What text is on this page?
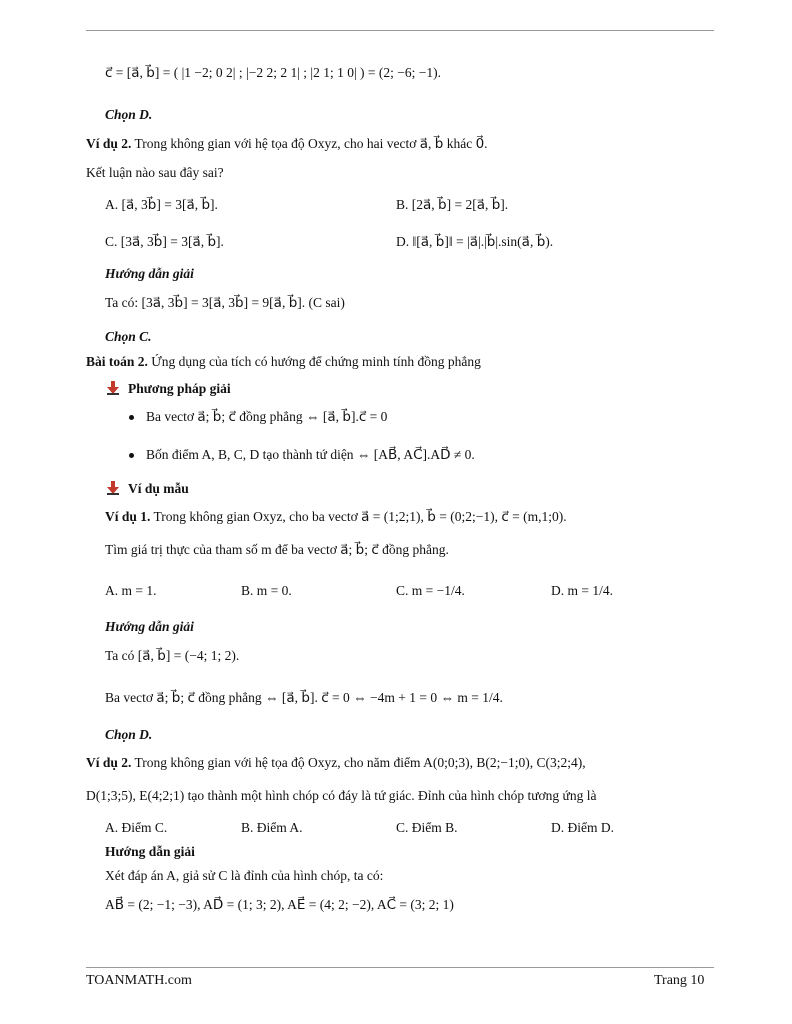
c⃗ = [a⃗, b⃗] = ( |1 −2; 0 2| ; |−2 2; 2 1| ; |2 1; 1 0| ) = (2; −6; −1).
Chọn D.
Ví dụ 2. Trong không gian với hệ tọa độ Oxyz, cho hai vectơ a⃗, b⃗ khác 0⃗.
Kết luận nào sau đây sai?
A. [a⃗, 3b⃗] = 3[a⃗, b⃗].	B. [2a⃗, b⃗] = 2[a⃗, b⃗].
C. [3a⃗, 3b⃗] = 3[a⃗, b⃗].	D. ‖[a⃗, b⃗]‖ = |a⃗|.|b⃗|.sin(a⃗, b⃗).
Hướng dẫn giải
Ta có: [3a⃗, 3b⃗] = 3[a⃗, 3b⃗] = 9[a⃗, b⃗]. (C sai)
Chọn C.
Bài toán 2. Ứng dụng của tích có hướng để chứng minh tính đồng phẳng
Phương pháp giải
Ba vectơ a⃗; b⃗; c⃗ đồng phẳng ⇔ [a⃗, b⃗].c⃗ = 0
Bốn điểm A, B, C, D tạo thành tứ diện ⇔ [AB⃗, AC⃗].AD⃗ ≠ 0.
Ví dụ mẫu
Ví dụ 1. Trong không gian Oxyz, cho ba vectơ a⃗ = (1;2;1), b⃗ = (0;2;−1), c⃗ = (m,1;0).
Tìm giá trị thực của tham số m để ba vectơ a⃗; b⃗; c⃗ đồng phẳng.
A. m = 1.	B. m = 0.	C. m = −1/4.	D. m = 1/4.
Hướng dẫn giải
Ta có [a⃗, b⃗] = (−4; 1; 2).
Ba vectơ a⃗; b⃗; c⃗ đồng phẳng ⇔ [a⃗, b⃗]. c⃗ = 0 ⇔ −4m + 1 = 0 ⇔ m = 1/4.
Chọn D.
Ví dụ 2. Trong không gian với hệ tọa độ Oxyz, cho năm điểm A(0;0;3), B(2;−1;0), C(3;2;4),
D(1;3;5), E(4;2;1) tạo thành một hình chóp có đáy là tứ giác. Đỉnh của hình chóp tương ứng là
A. Điểm C.	B. Điểm A.	C. Điểm B.	D. Điểm D.
Hướng dẫn giải
Xét đáp án A, giả sử C là đỉnh của hình chóp, ta có:
AB⃗ = (2; −1; −3), AD⃗ = (1; 3; 2), AE⃗ = (4; 2; −2), AC⃗ = (3; 2; 1)
TOANMATH.com	Trang 10
